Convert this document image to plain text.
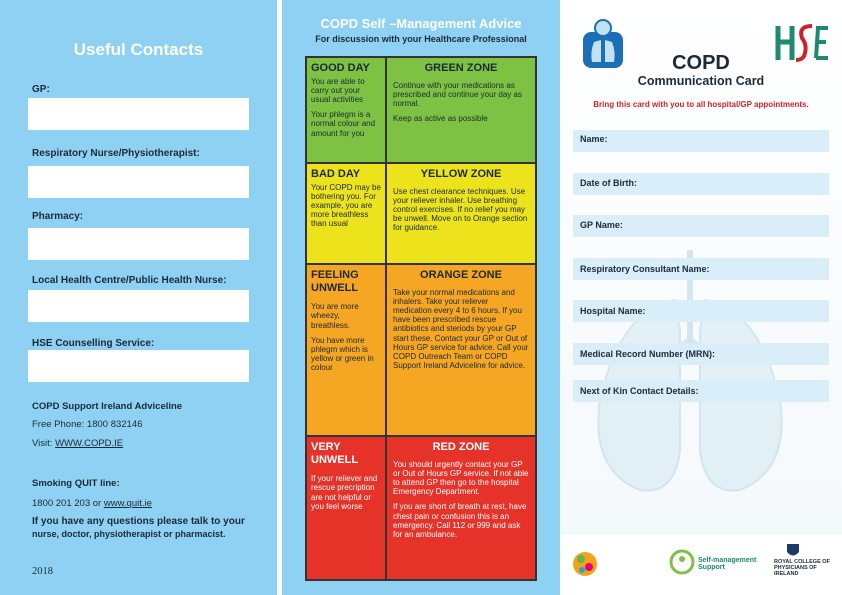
Useful Contacts
GP:
Respiratory Nurse/Physiotherapist:
Pharmacy:
Local Health Centre/Public Health Nurse:
HSE Counselling Service:
COPD Support Ireland Adviceline
Free Phone: 1800 832146
Visit: WWW.COPD.IE
Smoking QUIT line:
1800 201 203 or www.quit.ie
If you have any questions please talk to your
nurse, doctor, physiotherapist or pharmacist.
2018
COPD Self –Management Advice
For discussion with your Healthcare Professional
GOOD DAY

You are able to carry out your usual activities

Your phlegm is a normal colour and amount for you

GREEN ZONE

Continue with your medications as prescribed and continue your day as normal.

Keep as active as possible

BAD DAY

Your COPD may be bothering you. For example, you are more breathless than usual

YELLOW ZONE

Use chest clearance techniques. Use your reliever inhaler. Use breathing control exercises. If no relief you may be unwell. Move on to Orange section for guidance.

FEELING UNWELL

You are more wheezy, breathless.

You have more phlegm which is yellow or green in colour

ORANGE ZONE

Take your normal medications and inhalers. Take your reliever medication every 4 to 6 hours. If you have been prescribed rescue antibiotics and steriods by your GP start these. Contact your GP or Out of Hours GP service for advice. Call your COPD Outreach Team or COPD Support Ireland Adviceline for advice.

VERY UNWELL

If your reliever and rescue precription are not helpful or you feel worse

RED ZONE

You should urgently contact your GP or Out of Hours GP service. If not able to attend GP then go to the hospital Emergency Department.

If you are short of breath at rest, have chest pain or confusion this is an emergency. Call 112 or 999 and ask for an ambulance.

COPD
Communication Card
Bring this card with you to all hospital/GP appointments.
Name:
Date of Birth:
GP Name:
Respiratory Consultant Name:
Hospital Name:
Medical Record Number (MRN):
Next of Kin Contact Details:
Self-management Support
ROYAL COLLEGE OF PHYSICIANS OF IRELAND
